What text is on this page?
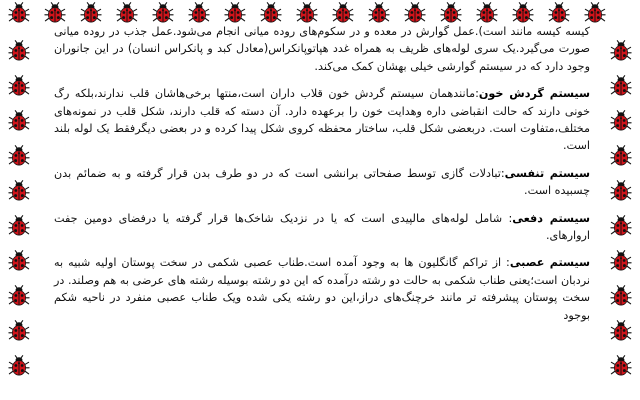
کیسه کیسه مانند است).عمل گوارش در معده و در سکوم‌های روده میانی انجام می‌شود.عمل جذب در روده میانی صورت می‌گیرد.یک سری لوله‌های ظریف به همراه غدد هپاتوپانکراس(معادل کبد و پانکراس انسان) در این جانوران وجود دارد که در سیستم گوارشی خیلی بهشان کمک می‌کند.

سیستم گردش خون:مانندهمان سیستم گردش خون قلاب داران است،منتها برخی‌هاشان قلب ندارند،بلکه رگ خونی دارند که حالت انقباضی داره وهدایت خون را برعهده دارد. آن دسته که قلب دارند، شکل قلب در نمونه‌های مختلف،متفاوت است. دربعضی شکل قلب، ساختار محفظه کروی شکل پیدا کرده و در بعضی دیگرفقط یک لوله بلند است.

سیستم تنفسی:تبادلات گازی توسط صفحاتی برانشی است که در دو طرف بدن قرار گرفته و به ضمائم بدن چسبیده است.

سیستم دفعی: شامل لوله‌های مالپیدی است که یا در نزدیک شاخک‌ها قرار گرفته یا درفضای دومین جفت اروارهای.

سیستم عصبی: از تراکم گانگلیون ها به وجود آمده است.طناب عصبی شکمی در سخت پوستان اولیه شبیه به نردبان است؛یعنی طناب شکمی به حالت دو رشته درآمده که این دو رشته بوسیله رشته های عرضی به هم وصلند. در سخت پوستان پیشرفته تر مانند خرچنگ‌های دراز،این دو رشته یکی شده ویک طناب عصبی منفرد در ناحیه شکم بوجود
